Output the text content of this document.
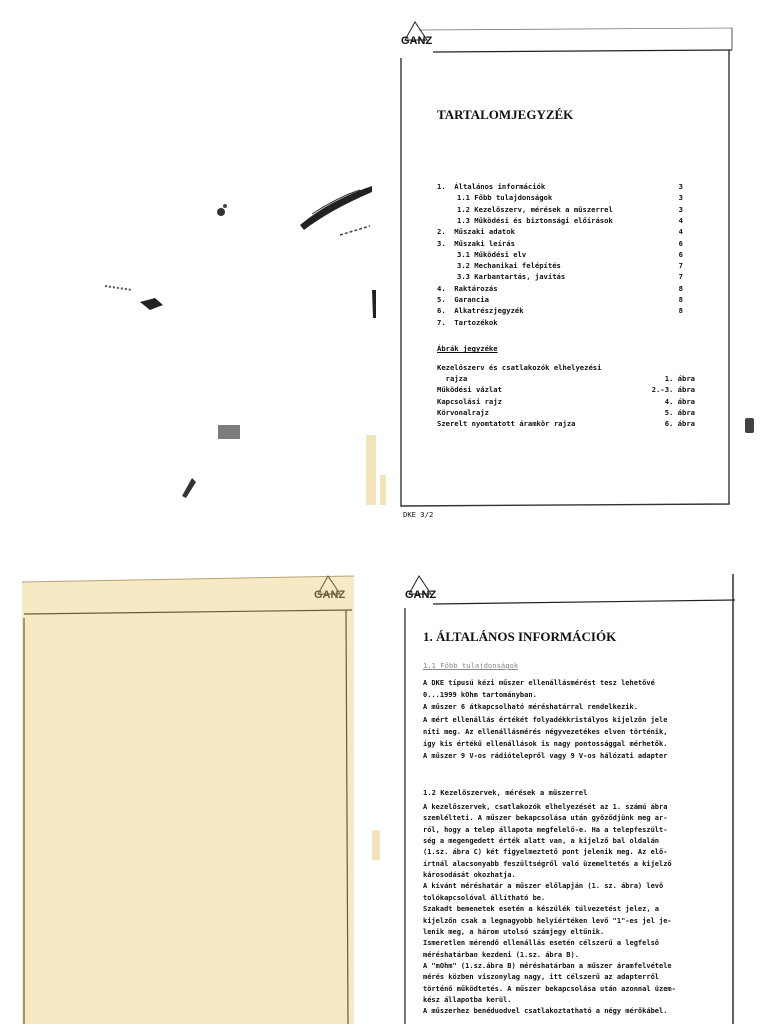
GANZ
TARTALOMJEGYZÉK
1.  Általános információk	3
1.1 Főbb tulajdonságok	3
1.2 Kezelőszerv, mérések a műszerrel	3
1.3 Működési és biztonsági előírások	4
2.  Műszaki adatok	4
3.  Műszaki leírás	6
3.1 Működési elv	6
3.2 Mechanikai felépítés	7
3.3 Karbantartás, javítás	7
4.  Raktározás	8
5.  Garancia	8
6.  Alkatrészjegyzék	8
7.  Tartozékok
Ábrák jegyzéke
Kezelőszerv és csatlakozók elhelyezési
rajza	1. ábra
Működési vázlat	2.-3. ábra
Kapcsolási rajz	4. ábra
Körvonalrajz	5. ábra
Szerelt nyomtatott áramkör rajza	6. ábra
DKE 3/2
GANZ	GANZ
1. ÁLTALÁNOS INFORMÁCIÓK
1.1 Főbb tulajdonságok
A DKE típusú kézi műszer ellenállásmérést tesz lehetővé
0...1999 kOhm tartományban.
A műszer 6 átkapcsolható méréshatárral rendelkezik.
A mért ellenállás értékét folyadékkristályos kijelzőn jele
níti meg. Az ellenállásmérés négyvezetékes elven történik,
így kis értékű ellenállások is nagy pontossággal mérhetők.
A műszer 9 V-os rádiótelepről vagy 9 V-os hálózati adapter
1.2 Kezelőszervek, mérések a műszerrel
A kezelőszervek, csatlakozók elhelyezését az 1. számú ábra
szemlélteti. A műszer bekapcsolása után győződjünk meg ar-
ról, hogy a telep állapota megfelelő-e. Ha a telepfeszült-
ség a megengedett érték alatt van, a kijelző bal oldalán
(1.sz. ábra C) két figyelmeztető pont jelenik meg. Az elő-
írtnál alacsonyabb feszültségről való üzemeltetés a kijelző
károsodását okozhatja.
A kívánt méréshatár a műszer előlapján (1. sz. ábra) levő
tolókapcsolóval állítható be.
Szakadt bemenetek esetén a készülék túlvezetést jelez, a
kijelzőn csak a legnagyobb helyiértéken levő "1"-es jel je-
lenik meg, a három utolsó számjegy eltűnik.
Ismeretlen mérendő ellenállás esetén célszerű a legfelső
méréshatárban kezdeni (1.sz. ábra B).
A "mOhm" (1.sz.ábra B) méréshatárban a műszer áramfelvétele
mérés közben viszonylag nagy, itt célszerű az adapterről
történő működtetés. A műszer bekapcsolása után azonnal üzem-
kész állapotba kerül.
A műszerhez benéduodvel csatlakoztatható a négy mérőkábel.
